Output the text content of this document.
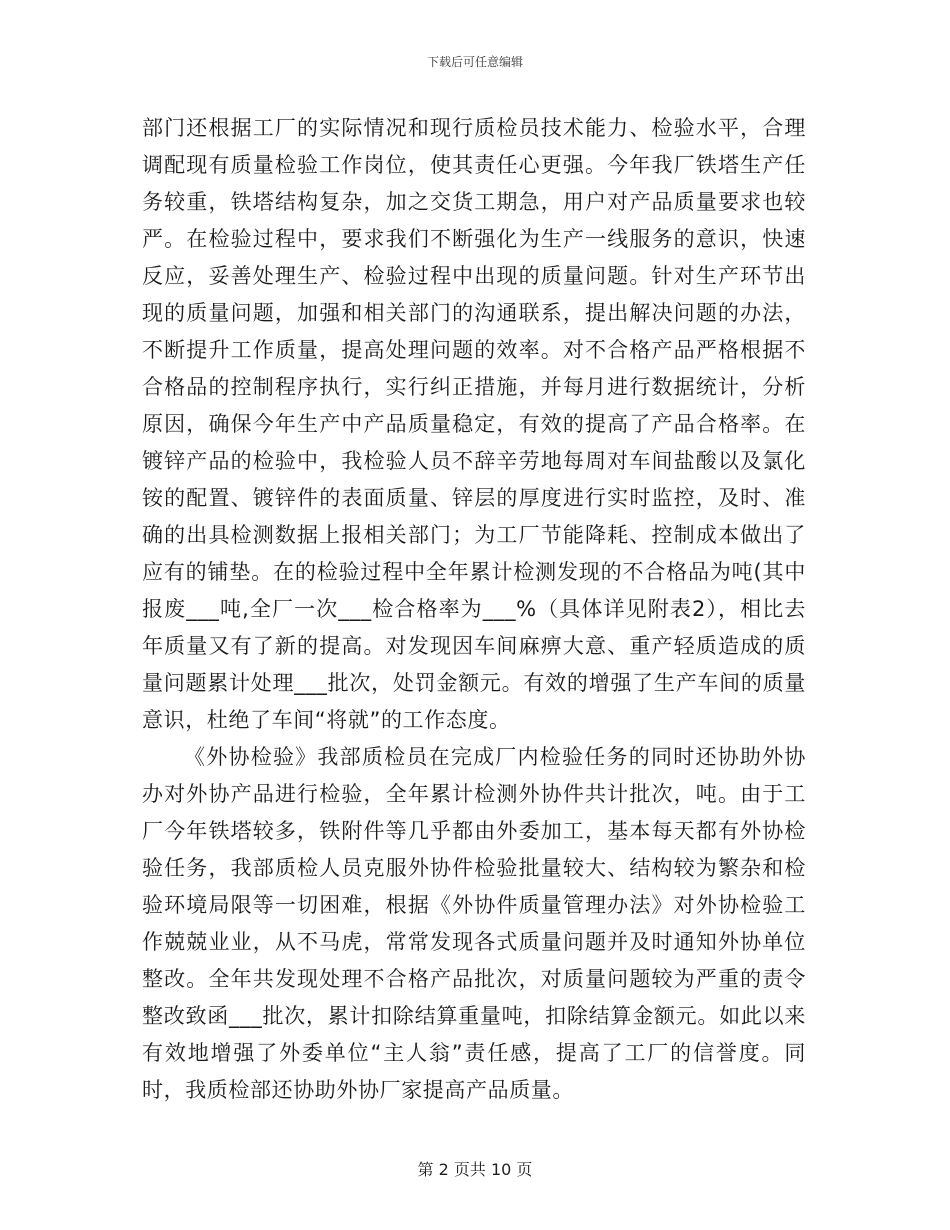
下载后可任意编辑
部门还根据工厂的实际情况和现行质检员技术能力、检验水平，合理
调配现有质量检验工作岗位，使其责任心更强。今年我厂铁塔生产任
务较重，铁塔结构复杂，加之交货工期急，用户对产品质量要求也较
严。在检验过程中，要求我们不断强化为生产一线服务的意识，快速
反应，妥善处理生产、检验过程中出现的质量问题。针对生产环节出
现的质量问题，加强和相关部门的沟通联系，提出解决问题的办法，
不断提升工作质量，提高处理问题的效率。对不合格产品严格根据不
合格品的控制程序执行，实行纠正措施，并每月进行数据统计，分析
原因，确保今年生产中产品质量稳定，有效的提高了产品合格率。在
镀锌产品的检验中，我检验人员不辞辛劳地每周对车间盐酸以及氯化
铵的配置、镀锌件的表面质量、锌层的厚度进行实时监控，及时、准
确的出具检测数据上报相关部门；为工厂节能降耗、控制成本做出了
应有的铺垫。在的检验过程中全年累计检测发现的不合格品为吨(其中
报废___吨,全厂一次___检合格率为___%（具体详见附表2），相比去
年质量又有了新的提高。对发现因车间麻痹大意、重产轻质造成的质
量问题累计处理___批次，处罚金额元。有效的增强了生产车间的质量
意识，杜绝了车间“将就”的工作态度。
《外协检验》我部质检员在完成厂内检验任务的同时还协助外协
办对外协产品进行检验，全年累计检测外协件共计批次，吨。由于工
厂今年铁塔较多，铁附件等几乎都由外委加工，基本每天都有外协检
验任务，我部质检人员克服外协件检验批量较大、结构较为繁杂和检
验环境局限等一切困难，根据《外协件质量管理办法》对外协检验工
作兢兢业业，从不马虎，常常发现各式质量问题并及时通知外协单位
整改。全年共发现处理不合格产品批次，对质量问题较为严重的责令
整改致函___批次，累计扣除结算重量吨，扣除结算金额元。如此以来
有效地增强了外委单位“主人翁”责任感，提高了工厂的信誉度。同
时，我质检部还协助外协厂家提高产品质量。
第 2 页共 10 页
